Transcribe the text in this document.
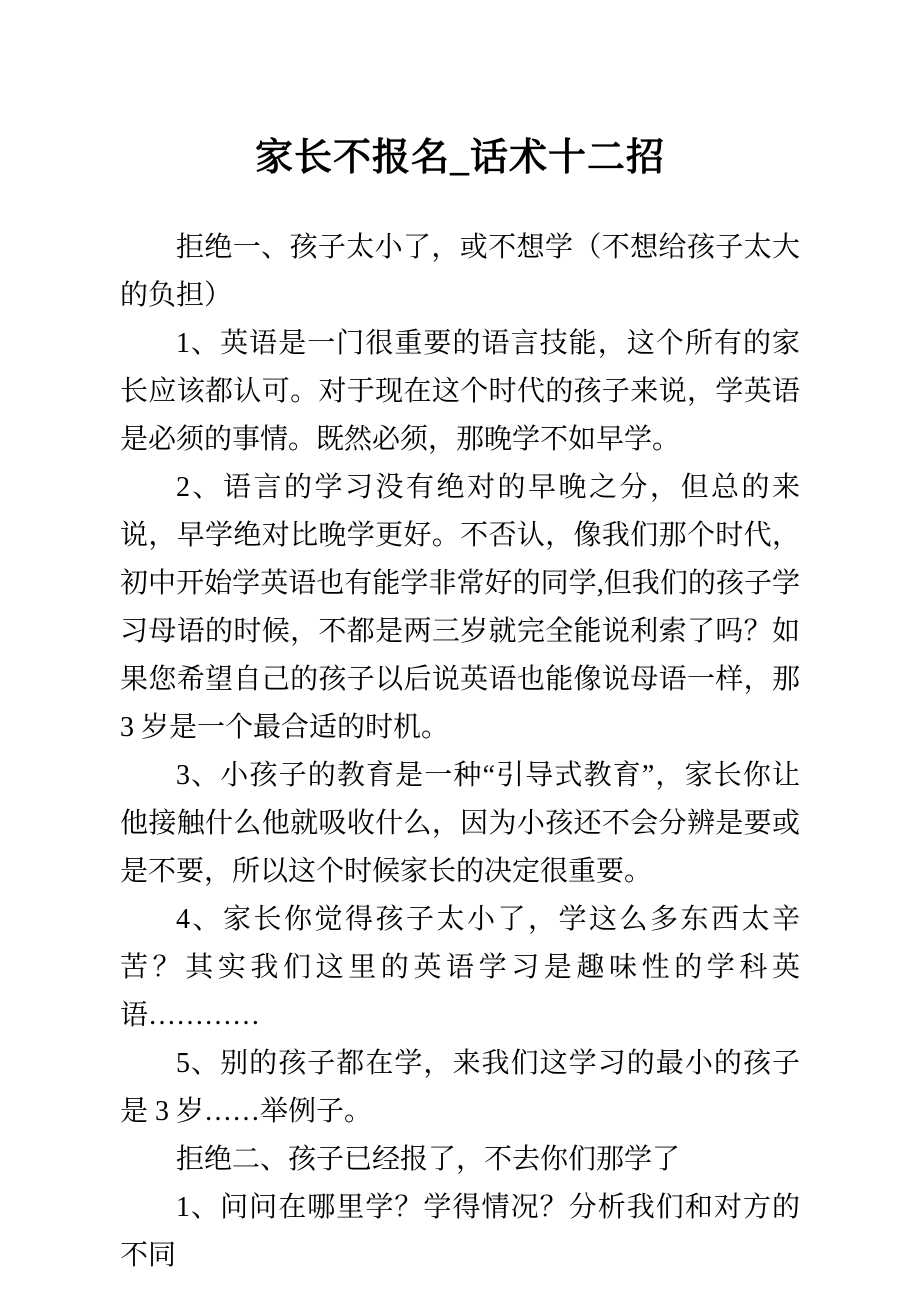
家长不报名_话术十二招

拒绝一、孩子太小了，或不想学（不想给孩子太大的负担）

1、英语是一门很重要的语言技能，这个所有的家长应该都认可。对于现在这个时代的孩子来说，学英语是必须的事情。既然必须，那晚学不如早学。

2、语言的学习没有绝对的早晚之分，但总的来说，早学绝对比晚学更好。不否认，像我们那个时代，初中开始学英语也有能学非常好的同学,但我们的孩子学习母语的时候，不都是两三岁就完全能说利索了吗？如果您希望自己的孩子以后说英语也能像说母语一样，那 3 岁是一个最合适的时机。

3、小孩子的教育是一种“引导式教育”，家长你让他接触什么他就吸收什么，因为小孩还不会分辨是要或是不要，所以这个时候家长的决定很重要。

4、家长你觉得孩子太小了，学这么多东西太辛苦？其实我们这里的英语学习是趣味性的学科英语…………

5、别的孩子都在学，来我们这学习的最小的孩子是 3 岁……举例子。

拒绝二、孩子已经报了，不去你们那学了

1、问问在哪里学？学得情况？分析我们和对方的不同
